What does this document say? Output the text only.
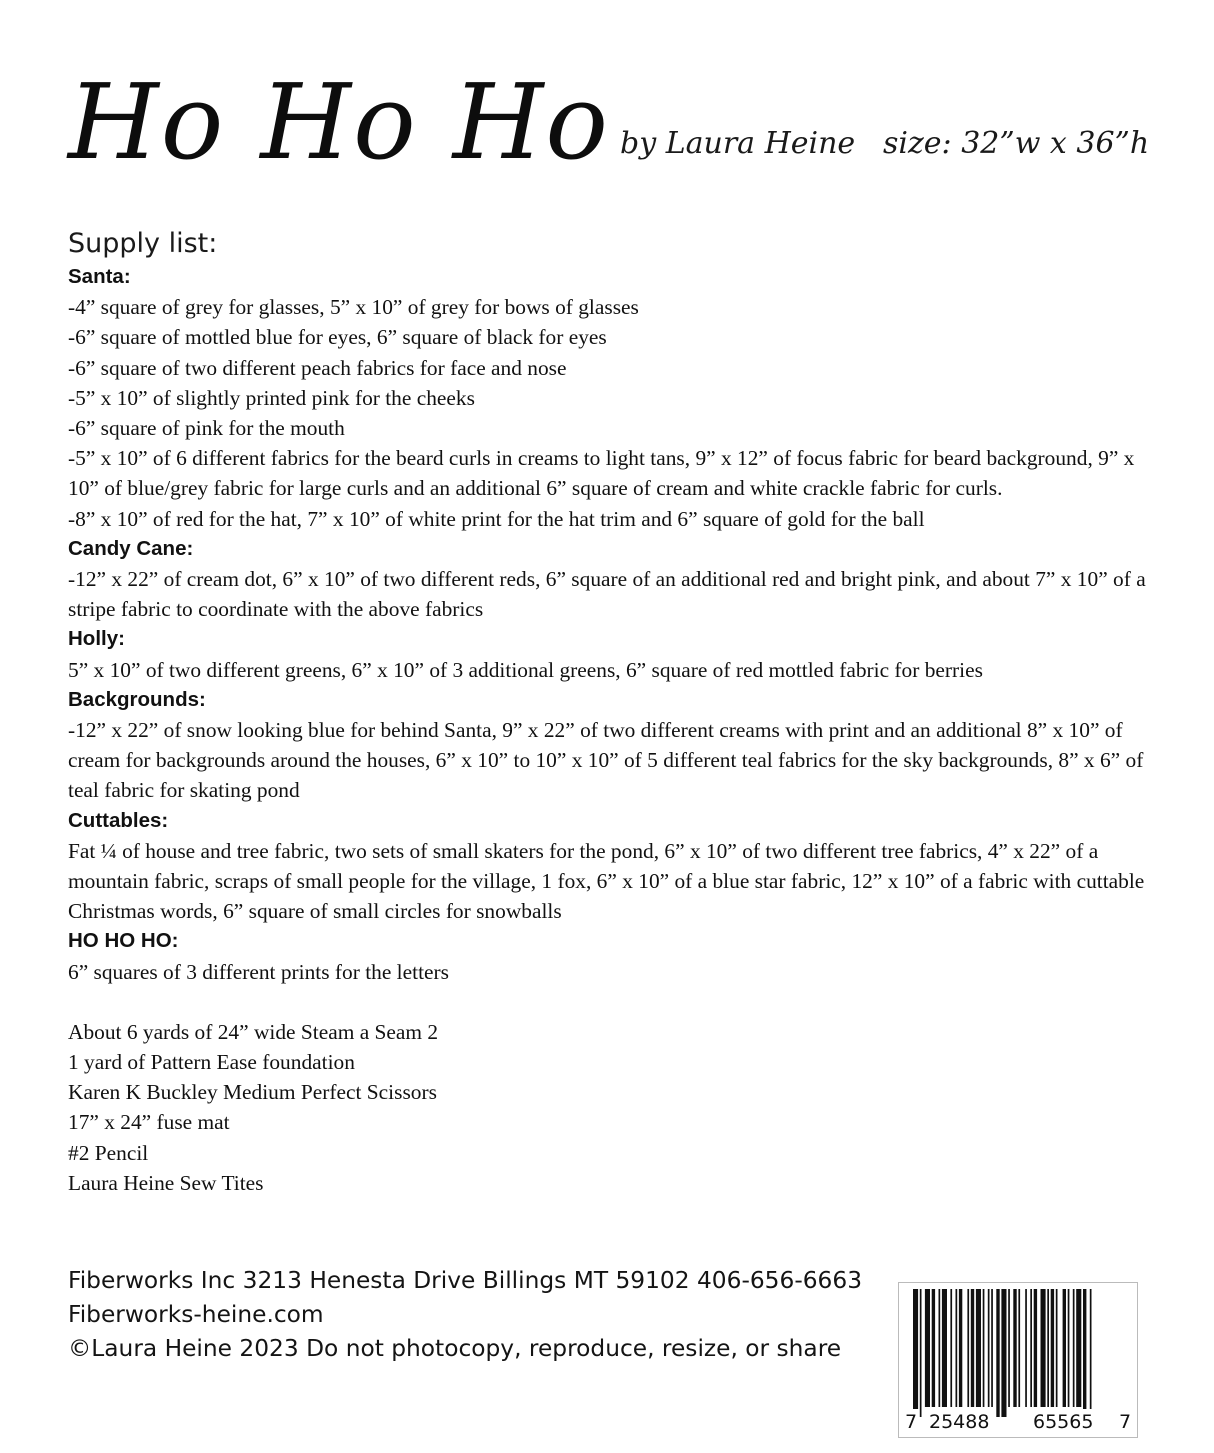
Ho Ho Ho by Laura Heine size: 32”w x 36”h
Supply list:
Santa:
-4” square of grey for glasses, 5” x 10” of grey for bows of glasses
-6” square of mottled blue for eyes, 6” square of black for eyes
-6” square of two different peach fabrics for face and nose
-5” x 10” of slightly printed pink for the cheeks
-6” square of pink for the mouth
-5” x 10” of 6 different fabrics for the beard curls in creams to light tans, 9” x 12” of focus fabric for beard background, 9” x 10” of blue/grey fabric for large curls and an additional 6” square of cream and white crackle fabric for curls.
-8” x 10” of red for the hat, 7” x 10” of white print for the hat trim and 6” square of gold for the ball
Candy Cane:
-12” x 22” of cream dot, 6” x 10” of two different reds, 6” square of an additional red and bright pink, and about 7” x 10” of a stripe fabric to coordinate with the above fabrics
Holly:
5” x 10” of two different greens, 6” x 10” of 3 additional greens, 6” square of red mottled fabric for berries
Backgrounds:
-12” x 22” of snow looking blue for behind Santa, 9” x 22” of two different creams with print and an additional 8” x 10” of cream for backgrounds around the houses, 6” x 10” to 10” x 10” of 5 different teal fabrics for the sky backgrounds, 8” x 6” of teal fabric for skating pond
Cuttables:
Fat ¼ of house and tree fabric, two sets of small skaters for the pond, 6” x 10” of two different tree fabrics, 4” x 22” of a mountain fabric, scraps of small people for the village, 1 fox, 6” x 10” of a blue star fabric, 12” x 10” of a fabric with cuttable Christmas words, 6” square of small circles for snowballs
HO HO HO:
6” squares of 3 different prints for the letters
About 6 yards of 24” wide Steam a Seam 2
1 yard of Pattern Ease foundation
Karen K Buckley Medium Perfect Scissors
17” x 24” fuse mat
#2 Pencil
Laura Heine Sew Tites
Fiberworks Inc 3213 Henesta Drive Billings MT 59102 406-656-6663
Fiberworks-heine.com
©Laura Heine 2023 Do not photocopy, reproduce, resize, or share
7 25488 65565 7
